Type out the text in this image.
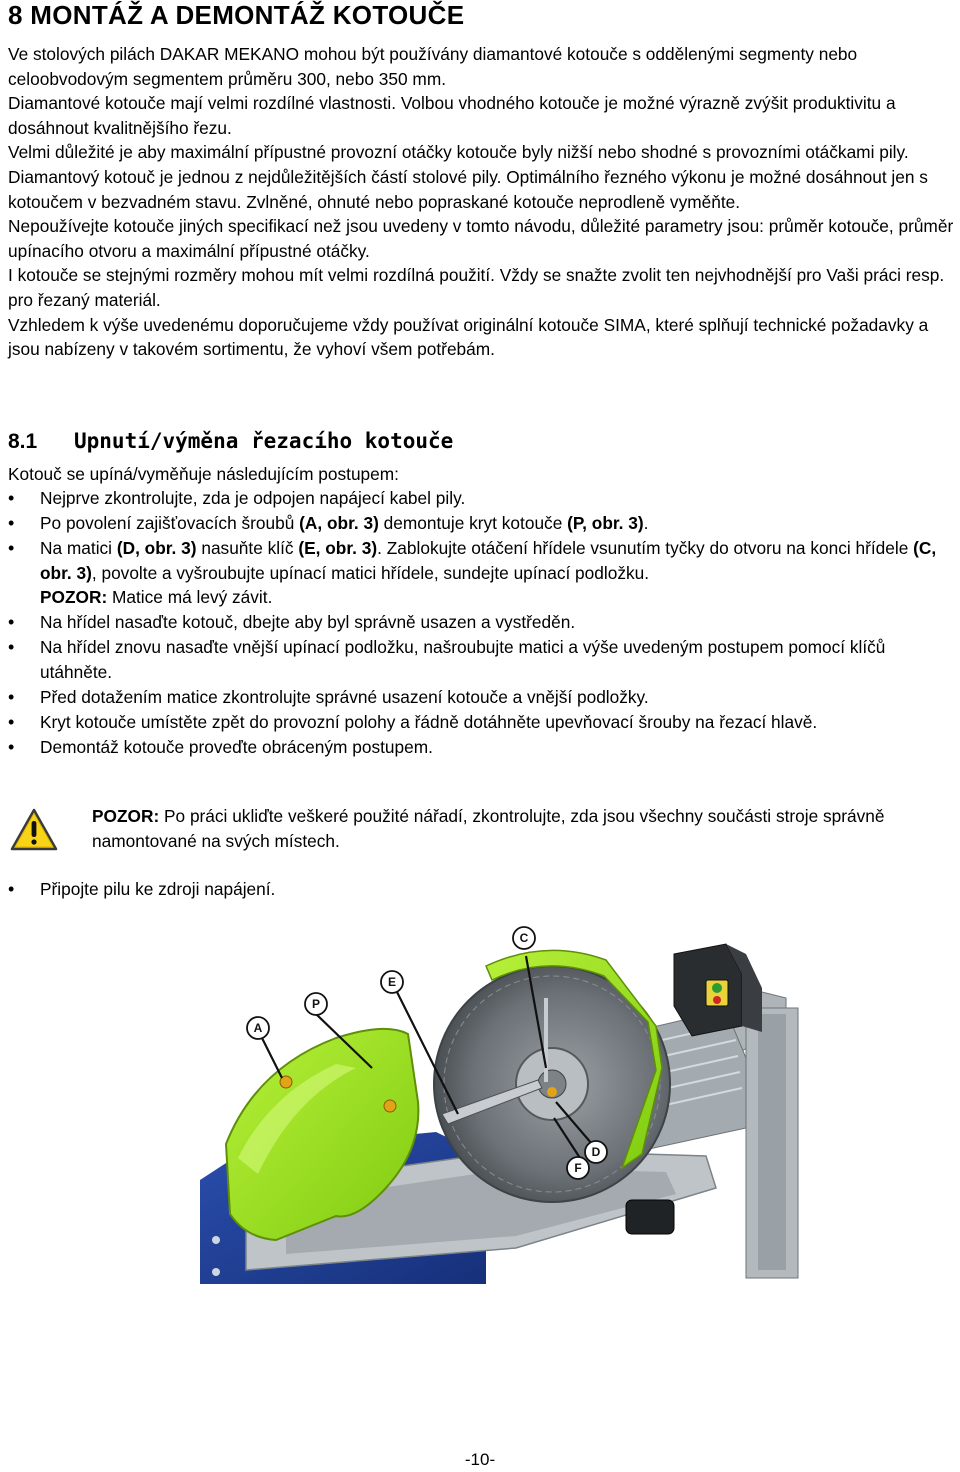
8 MONTÁŽ A DEMONTÁŽ KOTOUČE

Ve stolových pilách DAKAR MEKANO mohou být používány diamantové kotouče s oddělenými segmenty nebo celoobvodovým segmentem průměru 300, nebo 350 mm.

Diamantové kotouče mají velmi rozdílné vlastnosti. Volbou vhodného kotouče je možné výrazně zvýšit produktivitu a dosáhnout kvalitnějšího řezu.

Velmi důležité je aby maximální přípustné provozní otáčky kotouče byly nižší nebo shodné s provozními otáčkami pily.

Diamantový kotouč je jednou z nejdůležitějších částí stolové pily. Optimálního řezného výkonu je možné dosáhnout jen s kotoučem v bezvadném stavu. Zvlněné, ohnuté nebo popraskané kotouče neprodleně vyměňte.

Nepoužívejte kotouče jiných specifikací než jsou uvedeny v tomto návodu, důležité parametry jsou: průměr kotouče, průměr upínacího otvoru a maximální přípustné otáčky.

I kotouče se stejnými rozměry mohou mít velmi rozdílná použití. Vždy se snažte zvolit ten nejvhodnější pro Vaši práci resp. pro řezaný materiál.

Vzhledem k výše uvedenému doporučujeme vždy používat originální kotouče SIMA, které splňují technické požadavky a jsou nabízeny v takovém sortimentu, že vyhoví všem potřebám.

8.1 Upnutí/výměna řezacího kotouče

Kotouč se upíná/vyměňuje následujícím postupem:

• Nejprve zkontrolujte, zda je odpojen napájecí kabel pily.
• Po povolení zajišťovacích šroubů (A, obr. 3) demontuje kryt kotouče (P, obr. 3).
• Na matici (D, obr. 3) nasuňte klíč (E, obr. 3). Zablokujte otáčení hřídele vsunutím tyčky do otvoru na konci hřídele (C, obr. 3), povolte a vyšroubujte upínací matici hřídele, sundejte upínací podložku.
POZOR: Matice má levý závit.
• Na hřídel nasaďte kotouč, dbejte aby byl správně usazen a vystředěn.
• Na hřídel znovu nasaďte vnější upínací podložku, našroubujte matici a výše uvedeným postupem pomocí klíčů utáhněte.
• Před dotažením matice zkontrolujte správné usazení kotouče a vnější podložky.
• Kryt kotouče umístěte zpět do provozní polohy a řádně dotáhněte upevňovací šrouby na řezací hlavě.
• Demontáž kotouče proveďte obráceným postupem.
POZOR: Po práci ukliďte veškeré použité nářadí, zkontrolujte, zda jsou všechny součásti stroje správně namontované na svých místech.
• Připojte pilu ke zdroji napájení.
C
P
E
A
D
F
-10-
